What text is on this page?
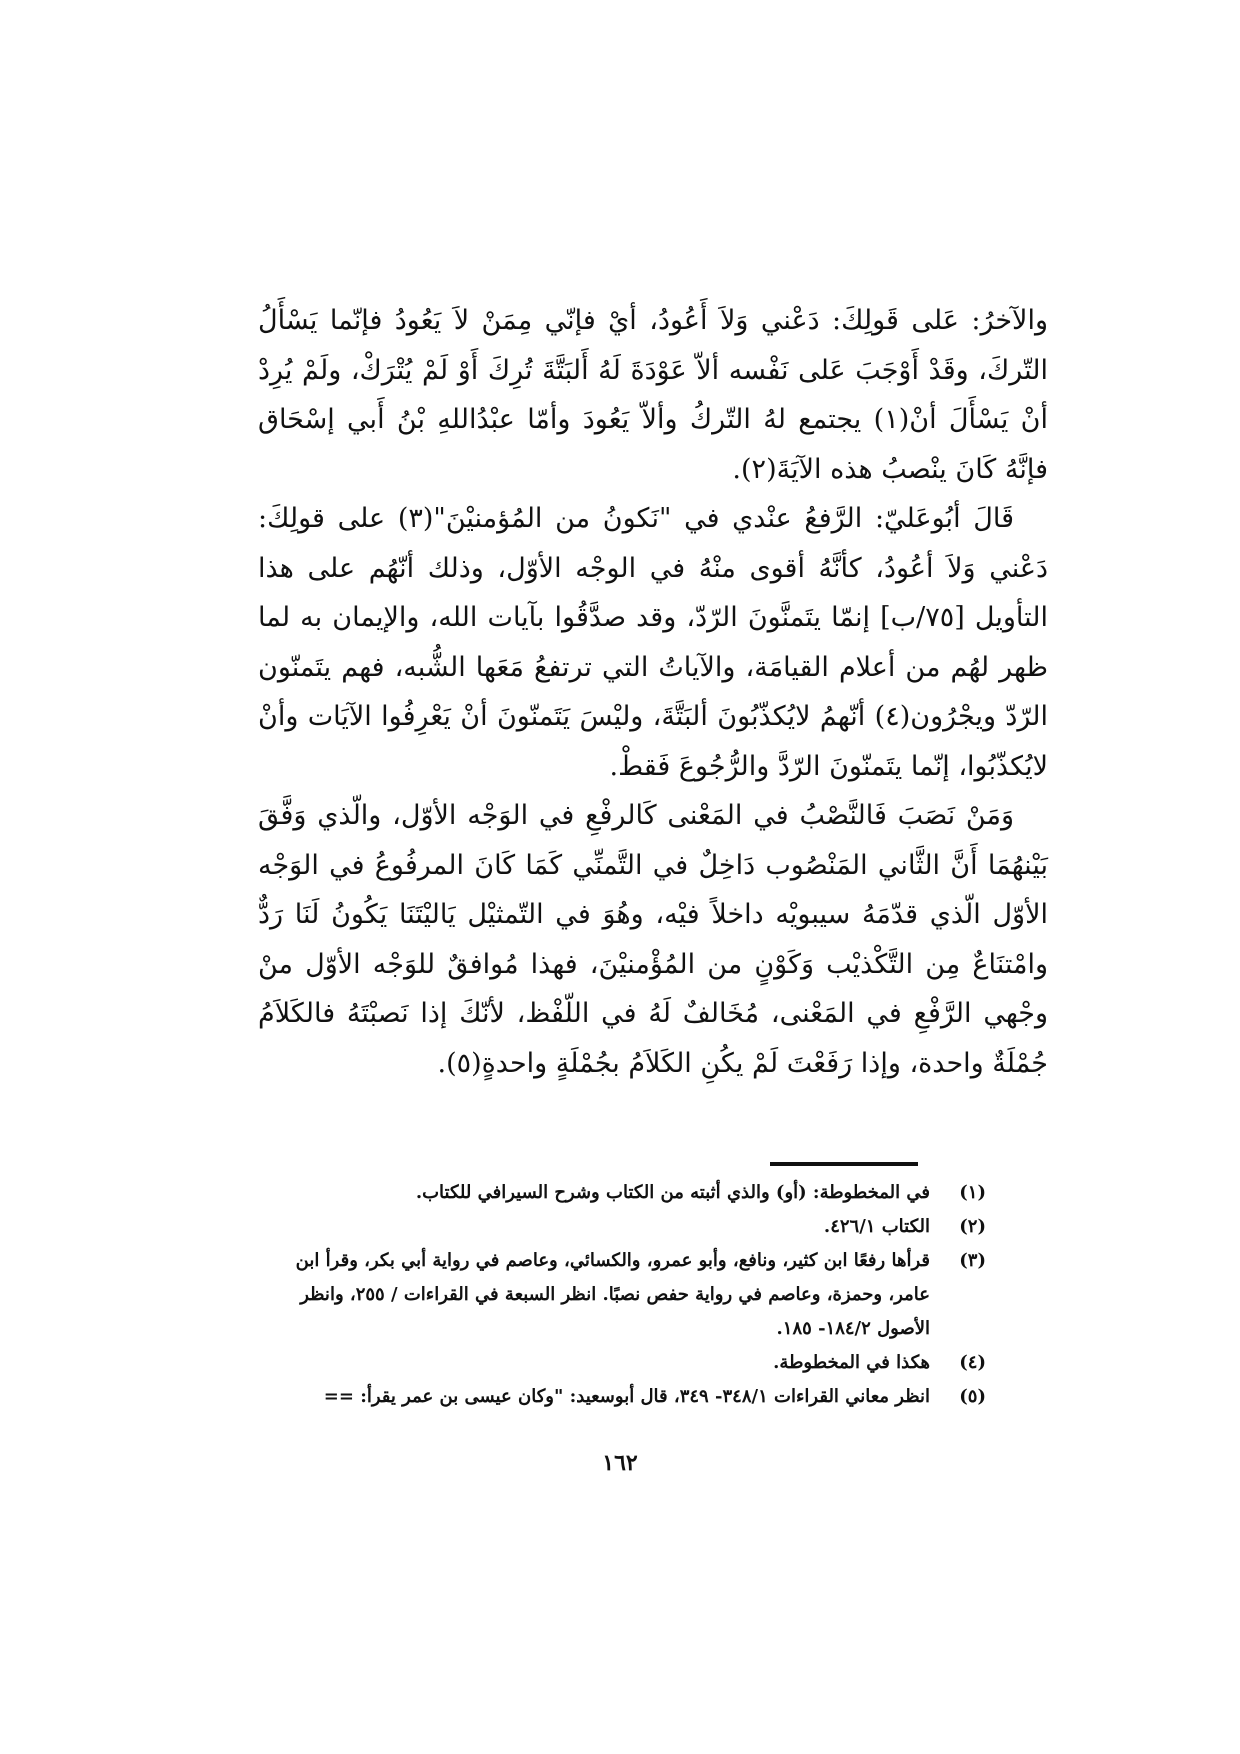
والآخرُ: عَلى قَولِكَ: دَعْني وَلاَ أَعُودُ، أيْ فإنّي مِمَنْ لاَ يَعُودُ فإنّما يَسْأَلُ التّركَ، وقَدْ أَوْجَبَ عَلى نَفْسه ألاّ عَوْدَةَ لَهُ أَلبَتَّةَ تُرِكَ أَوْ لَمْ يُتْرَكْ، ولَمْ يُرِدْ أنْ يَسْأَلَ أنْ(١) يجتمع لهُ التّركُ وألاّ يَعُودَ وأمّا عبْدُاللهِ بْنُ أَبي إسْحَاق فإنَّهُ كَانَ ينْصبُ هذه الآيَةَ(٢).

قَالَ أبُوعَليّ: الرَّفعُ عنْدي في "نَكونُ من المُؤمنيْنَ"(٣) على قولِكَ: دَعْني وَلاَ أعُودُ، كأنَّهُ أقوى منْهُ في الوجْه الأوّل، وذلك أنّهُم على هذا التأويل [٧٥/ب] إنمّا يتَمنَّونَ الرّدّ، وقد صدَّقُوا بآيات الله، والإيمان به لما ظهر لهُم من أعلام القيامَة، والآياتُ التي ترتفعُ مَعَها الشُّبه، فهم يتَمنّون الرّدّ ويجْرُون(٤) أنّهمُ لايُكذّبُونَ ألبَتَّةَ، وليْسَ يَتَمنّونَ أنْ يَعْرِفُوا الآيَات وأنْ لايُكذّبُوا، إنّما يتَمنّونَ الرّدَّ والرُّجُوعَ فَقطْ.

وَمَنْ نَصَبَ فَالنَّصْبُ في المَعْنى كَالرفْعِ في الوَجْه الأوّل، والّذي وَفَّقَ بَيْنهُمَا أَنَّ الثَّاني المَنْصُوب دَاخِلٌ في التَّمنِّي كَمَا كَانَ المرفُوعُ في الوَجْه الأوّل الّذي قدّمَهُ سيبويْه داخلاً فيْه، وهُوَ في التّمثيْل يَاليْتَنَا يَكُونُ لَنَا رَدٌّ وامْتنَاعٌ مِن التَّكْذيْب وَكَوْنٍ من المُؤْمنيْنَ، فهذا مُوافقٌ للوَجْه الأوّل منْ وجْهي الرَّفْعِ في المَعْنى، مُخَالفٌ لَهُ في اللّفْظ، لأنّكَ إذا نَصبْتَهُ فالكَلاَمُ جُمْلَةٌ واحدة، وإذا رَفَعْتَ لَمْ يكُنِ الكَلاَمُ بجُمْلَةٍ واحدةٍ(٥).

(١)
في المخطوطة: (أو) والذي أثبته من الكتاب وشرح السيرافي للكتاب.
(٢)
الكتاب ٤٢٦/١.
(٣)
قرأها رفعًا ابن كثير، ونافع، وأبو عمرو، والكسائي، وعاصم في رواية أبي بكر، وقرأ ابن عامر، وحمزة، وعاصم في رواية حفص نصبًا. انظر السبعة في القراءات / ٢٥٥، وانظر الأصول ١٨٤/٢- ١٨٥.
(٤)
هكذا في المخطوطة.
(٥)
انظر معاني القراءات ٣٤٨/١- ٣٤٩، قال أبوسعيد: "وكان عيسى بن عمر يقرأ: ==
١٦٢
